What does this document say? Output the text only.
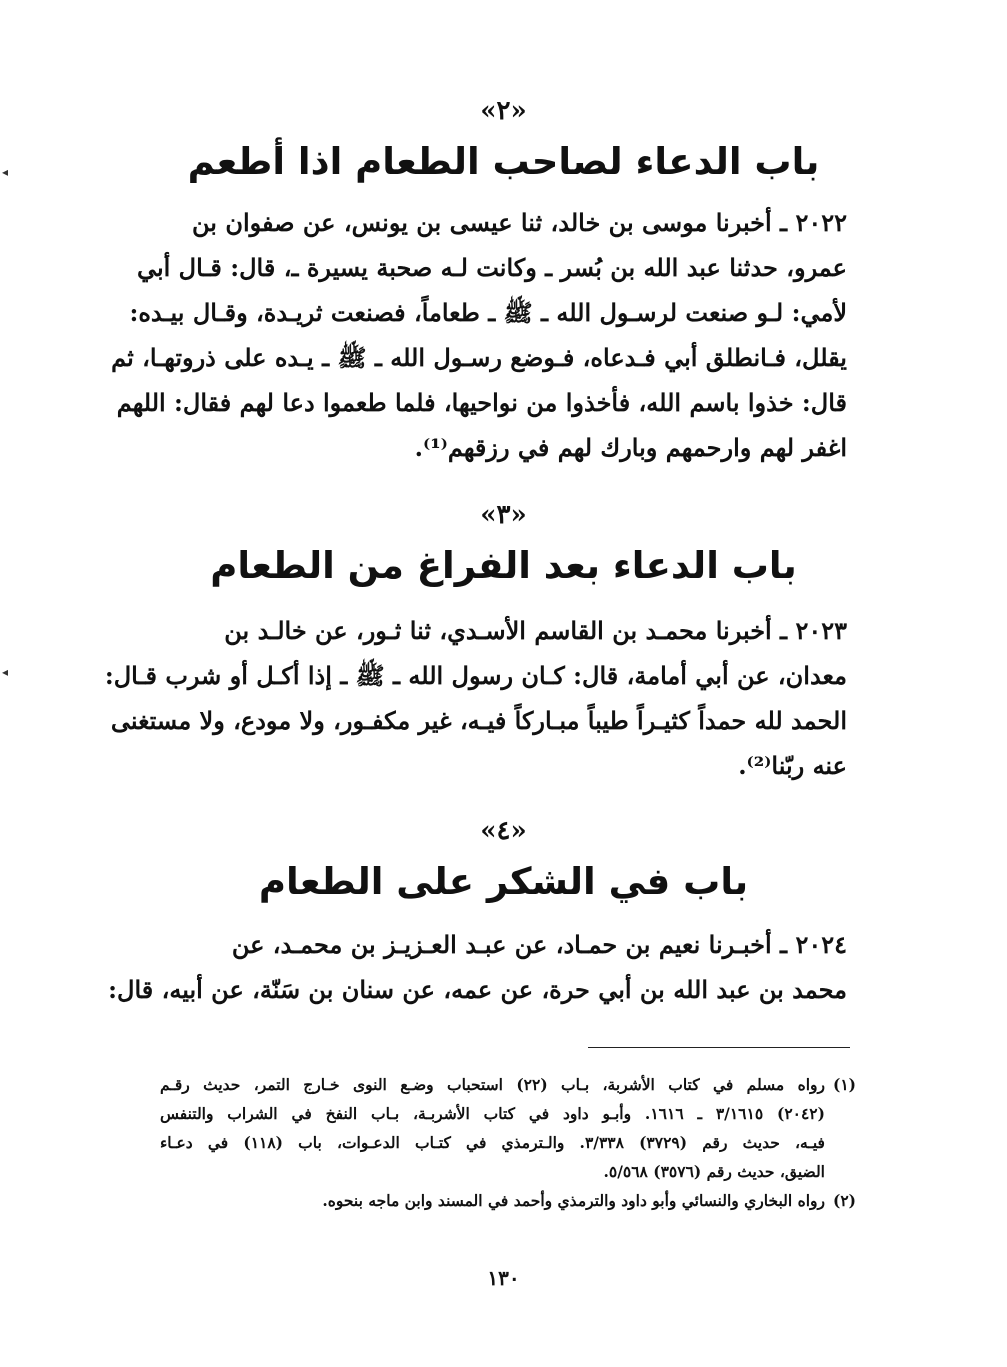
«٢»
باب الدعاء لصاحب الطعام اذا أطعم
٢٠٢٢ ـ أخبرنا موسى بن خالد، ثنا عيسى بن يونس، عن صفوان بن
عمرو، حدثنا عبد الله بن بُسر ـ وكانت لـه صحبة يسيرة ـ، قال: قـال أبي
لأمي: لـو صنعت لرسـول الله ـ ﷺ ـ طعاماً، فصنعت ثريـدة، وقـال بيـده:
يقلل، فـانطلق أبي فـدعاه، فـوضع رسـول الله ـ ﷺ ـ يـده على ذروتهـا، ثم
قال: خذوا باسم الله، فأخذوا من نواحيها، فلما طعموا دعا لهم فقال: اللهم
اغفر لهم وارحمهم وبارك لهم في رزقهم⁽¹⁾.
«٣»
باب الدعاء بعد الفراغ من الطعام
٢٠٢٣ ـ أخبرنا محمـد بن القاسم الأسـدي، ثنا ثـور، عن خالـد بن
معدان، عن أبي أمامة، قال: كـان رسول الله ـ ﷺ ـ إذا أكـل أو شرب قـال:
الحمد لله حمداً كثيـراً طيباً مبـاركاً فيـه، غير مكفـور، ولا مودع، ولا مستغنى
عنه ربّنا⁽²⁾.
«٤»
باب في الشكر على الطعام
٢٠٢٤ ـ أخبـرنا نعيم بن حمـاد، عن عبـد العـزيـز بن محمـد، عن
محمد بن عبد الله بن أبي حرة، عن عمه، عن سنان بن سَنّة، عن أبيه، قال:
(١)
رواه مسلم في كتاب الأشربة، بـاب (٢٢) استحباب وضـع النوى خـارج التمر، حديث رقـم
(٢٠٤٢) ٣/١٦١٥ ـ ١٦١٦. وأبـو داود في كتاب الأشربـة، بـاب النفخ في الشراب والتنفس
فيـه، حديث رقم (٣٧٢٩) ٣/٣٣٨. والـترمذي في كتـاب الدعـوات، باب (١١٨) في دعـاء
الضيق، حديث رقم (٣٥٧٦) ٥/٥٦٨.
(٢)
رواه البخاري والنسائي وأبو داود والترمذي وأحمد في المسند وابن ماجه بنحوه.
١٣٠
◂
◂
